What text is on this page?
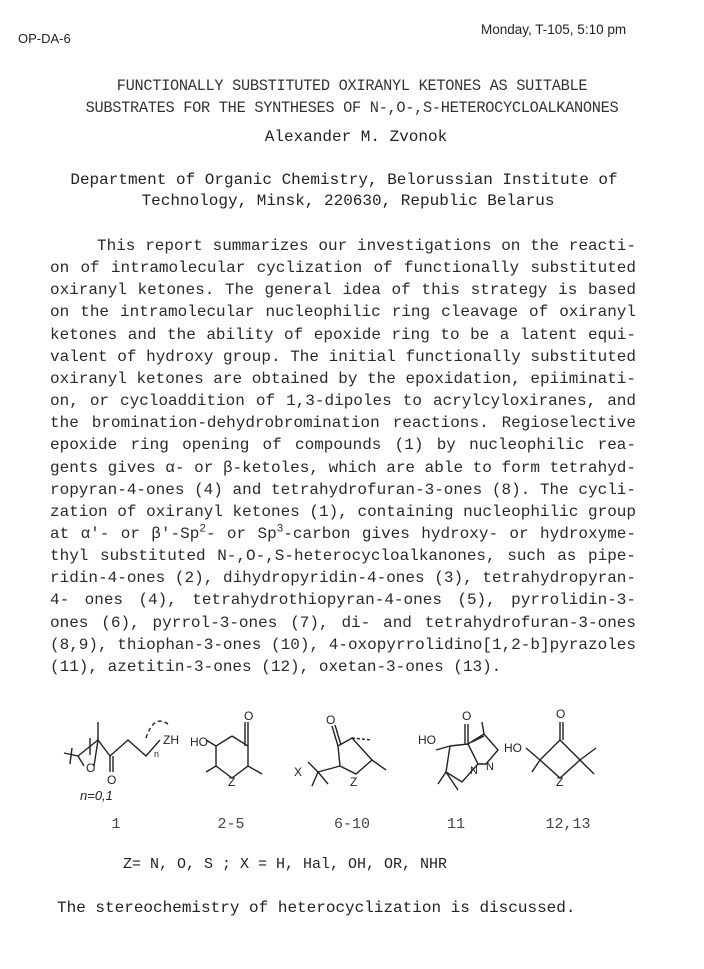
OP-DA-6
Monday, T-105, 5:10 pm
FUNCTIONALLY SUBSTITUTED OXIRANYL KETONES AS SUITABLE
SUBSTRATES FOR THE SYNTHESES OF N-,O-,S-HETEROCYCLOALKANONES
Alexander M. Zvonok
Department of Organic Chemistry, Belorussian Institute of
Technology, Minsk, 220630, Republic Belarus
This report summarizes our investigations on the reacti-
on of intramolecular cyclization of functionally substituted
oxiranyl ketones. The general idea of this strategy is based
on the intramolecular nucleophilic ring cleavage of oxiranyl
ketones and the ability of epoxide ring to be a latent equi-
valent of hydroxy group. The initial functionally substituted
oxiranyl ketones are obtained by the epoxidation, epiiminati-
on, or cycloaddition of 1,3-dipoles to acrylcyloxiranes, and
the bromination-dehydrobromination reactions. Regioselective
epoxide ring opening of compounds (1) by nucleophilic rea-
gents gives α- or β-ketoles, which are able to form tetrahyd-
ropyran-4-ones (4) and tetrahydrofuran-3-ones (8). The cycli-
zation of oxiranyl ketones (1), containing nucleophilic group
at α'- or β'-Sp$^2$- or Sp$^3$-carbon gives hydroxy- or hydroxyme-
thyl substituted N-,O-,S-heterocycloalkanones, such as pipe-
ridin-4-ones (2), dihydropyridin-4-ones (3), tetrahydropyran-
4- ones (4), tetrahydrothiopyran-4-ones (5), pyrrolidin-3-
ones (6), pyrrol-3-ones (7), di- and tetrahydrofuran-3-ones
(8,9), thiophan-3-ones (10), 4-oxopyrrolidino[1,2-b]pyrazoles
(11), azetitin-3-ones (12), oxetan-3-ones (13).
O
O
ZH
n
n=0,1
O
HO
Z
O
X
Z
O
HO
N N
O
HO
Z
1	2-5	6-10	11	12,13
Z= N, O, S ; X = H, Hal, OH, OR, NHR
The stereochemistry of heterocyclization is discussed.
